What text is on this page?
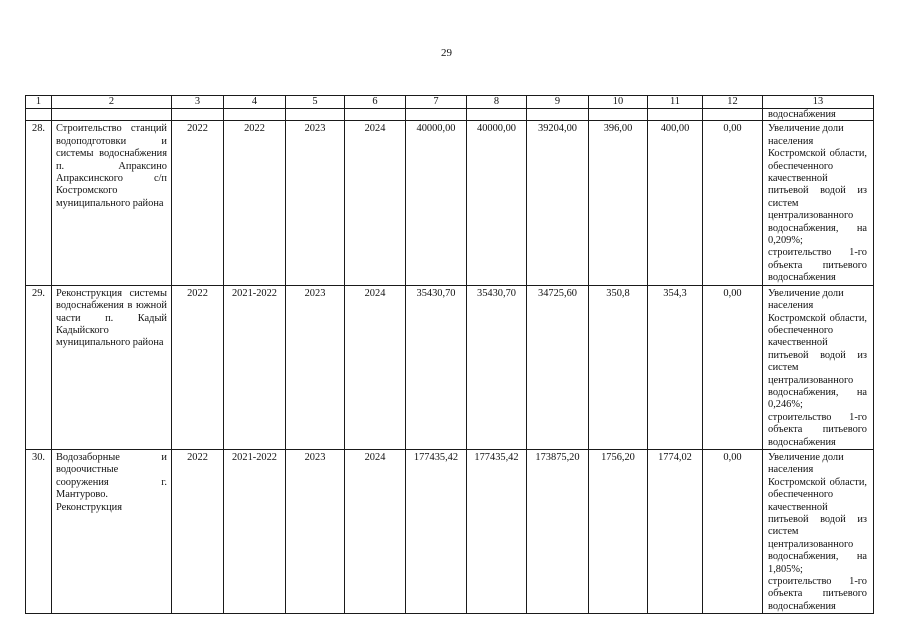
29
1	2	3	4	5	6	7	8	9	10	11	12	13
												водоснабжения
28.	Строительство станций водоподготовки и системы водоснабжения п. Апраксино Апраксинского с/п Костромского муниципального района	2022	2022	2023	2024	40000,00	40000,00	39204,00	396,00	400,00	0,00	Увеличение доли
населения Костромской области, обеспеченного качественной питьевой водой из систем централизованного водоснабжения, на 0,209%;
строительство 1-го объекта питьевого водоснабжения

29.	Реконструкция системы водоснабжения в южной части п. Кадый Кадыйского муниципального района	2022	2021-2022	2023	2024	35430,70	35430,70	34725,60	350,8	354,3	0,00	Увеличение доли
населения Костромской области, обеспеченного качественной питьевой водой из систем централизованного водоснабжения, на 0,246%;
строительство 1-го объекта питьевого водоснабжения

30.	Водозаборные и водоочистные сооружения г. Мантурово. Реконструкция	2022	2021-2022	2023	2024	177435,42	177435,42	173875,20	1756,20	1774,02	0,00	Увеличение доли
населения Костромской области, обеспеченного качественной питьевой водой из систем централизованного водоснабжения, на 1,805%;
строительство 1-го объекта питьевого водоснабжения
